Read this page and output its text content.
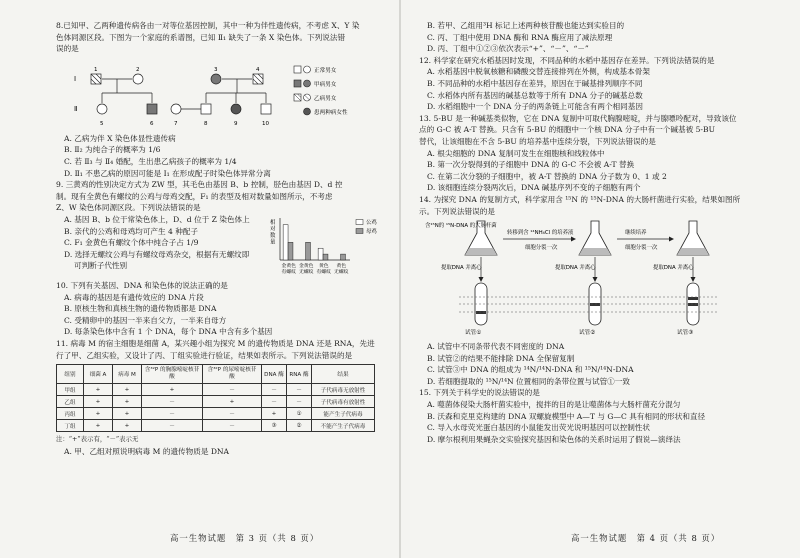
8.已知甲、乙两种遗传病各由一对等位基因控制，其中一种为伴性遗传病，不考虑 X、Y 染

色体同源区段。下图为一个家庭的系谱图，已知 Ⅱ₁ 缺失了一条 X 染色体。下列说法错

误的是

Ⅰ
Ⅱ
1	2	3	4
5	6	7	8	9	10
正常男女
甲病男女
乙病男女
患两种病女性

A. 乙病为伴 X 染色体显性遗传病

B. Ⅱ₂ 为纯合子的概率为 1/6

C. 若 Ⅱ₃ 与 Ⅱ₄ 婚配，生出患乙病孩子的概率为 1/4

D. Ⅱ₁ 不患乙病的原因可能是 Ⅰ₁ 在形成配子时染色体异常分离

9. 三黄鸡的性别决定方式为 ZW 型，其毛色由基因 B、b 控制，胫色由基因 D、d 控

制。现有全黄色有螺纹的公鸡与母鸡交配，F₁ 的表型及相对数量如图所示，不考虑

Z、W 染色体同源区段。下列说法错误的是

A. 基因 B、b 位于常染色体上，D、d 位于 Z 染色体上

B. 亲代的公鸡和母鸡均可产生 4 种配子

C. F₁ 金黄色有螺纹个体中纯合子占 1/9

D. 选择无螺纹公鸡与有螺纹母鸡杂交，根据有无螺纹即

可判断子代性别

相
对
数
量
金黄色
有螺纹
金黄色
无螺纹
黄色
有螺纹
黄色
无螺纹
公鸡
母鸡

10. 下列有关基因、DNA 和染色体的说法正确的是

A. 病毒的基因是有遗传效应的 DNA 片段

B. 原核生物和真核生物的遗传物质都是 DNA

C. 受精卵中的基因一半来自父方，一半来自母方

D. 每条染色体中含有 1 个 DNA，每个 DNA 中含有多个基因

11. 病毒 M 的宿主细胞是细菌 A，某兴趣小组为探究 M 的遗传物质是 DNA 还是 RNA，先进

行了甲、乙组实验，又设计了丙、丁组实验进行验证，结果如表所示。下列说法错误的是

组别	细菌 A	病毒 M	含³²P 的胸腺嘧啶核苷酸	含³²P 的尿嘧啶核苷酸	DNA 酶	RNA 酶	结果
甲组	+	+	+	－	－	－	子代病毒无放射性
乙组	+	+	－	+	－	－	子代病毒有放射性
丙组	+	+	－	－	+	①	能产生子代病毒
丁组	+	+	－	－	③	②	不能产生子代病毒

注：“+”表示有，“－”表示无

A. 甲、乙组对照说明病毒 M 的遗传物质是 DNA

高一生物试题　第 3 页（共 8 页）

B. 若甲、乙组用³H 标记上述两种核苷酸也能达到实验目的

C. 丙、丁组中使用 DNA 酶和 RNA 酶应用了减法原理

D. 丙、丁组中①②③依次表示“+”、“－”、“－”

12. 科学家在研究水稻基因时发现，不同品种的水稻中基因存在差异。下列说法错误的是

A. 水稻基因中脱氧核糖和磷酸交替连接排列在外侧，构成基本骨架

B. 不同品种的水稻中基因存在差异，原因在于碱基排列顺序不同

C. 水稻体内所有基因的碱基总数等于所有 DNA 分子的碱基总数

D. 水稻细胞中一个 DNA 分子的两条链上可能含有两个相同基因

13. 5-BU 是一种碱基类似物，它在 DNA 复制中可取代胸腺嘧啶，并与腺嘌呤配对，导致该位

点的 G-C 被 A-T 替换。只含有 5-BU 的细胞中一个核 DNA 分子中有一个碱基被 5-BU

替代，让该细胞在不含 5-BU 的培养基中连续分裂，下列说法错误的是

A. 根尖细胞的 DNA 复制可发生在细胞核和线粒体中

B. 第一次分裂得到的子细胞中 DNA 的 G-C 不会被 A-T 替换

C. 在第二次分裂的子细胞中，被 A-T 替换的 DNA 分子数为 0、1 或 2

D. 该细胞连续分裂两次后，DNA 碱基序列不变的子细胞有两个

14. 为探究 DNA 的复制方式，科学家用含 ¹⁵N 的 ¹⁵N-DNA 的大肠杆菌进行实验，结果如图所

示。下列说法错误的是

含¹⁵N的 ¹⁵N-DNA 的大肠杆菌
转移到含 ¹⁴NH₄Cl 的培养液
细胞分裂一次
继续培养
细胞分裂一次
提取DNA 并离心	提取DNA 并离心	提取DNA 并离心
试管①	试管②	试管③

A. 试管中不同条带代表不同密度的 DNA

B. 试管②的结果不能排除 DNA 全保留复制

C. 试管③中 DNA 的组成为 ¹⁴N/¹⁴N-DNA 和 ¹⁵N/¹⁴N-DNA

D. 若细胞提取的 ¹⁵N/¹⁴N 位置相同的条带位置与试管①一致

15. 下列关于科学史的说法错误的是

A. 噬菌体侵染大肠杆菌实验中，搅拌的目的是让噬菌体与大肠杆菌充分混匀

B. 沃森和克里克构建的 DNA 双螺旋模型中 A—T 与 G—C 具有相同的形状和直径

C. 导入水母荧光蛋白基因的小鼠能发出荧光说明基因可以控制性状

D. 摩尔根利用果蝇杂交实验探究基因和染色体的关系时运用了假说—演绎法

高一生物试题　第 4 页（共 8 页）
